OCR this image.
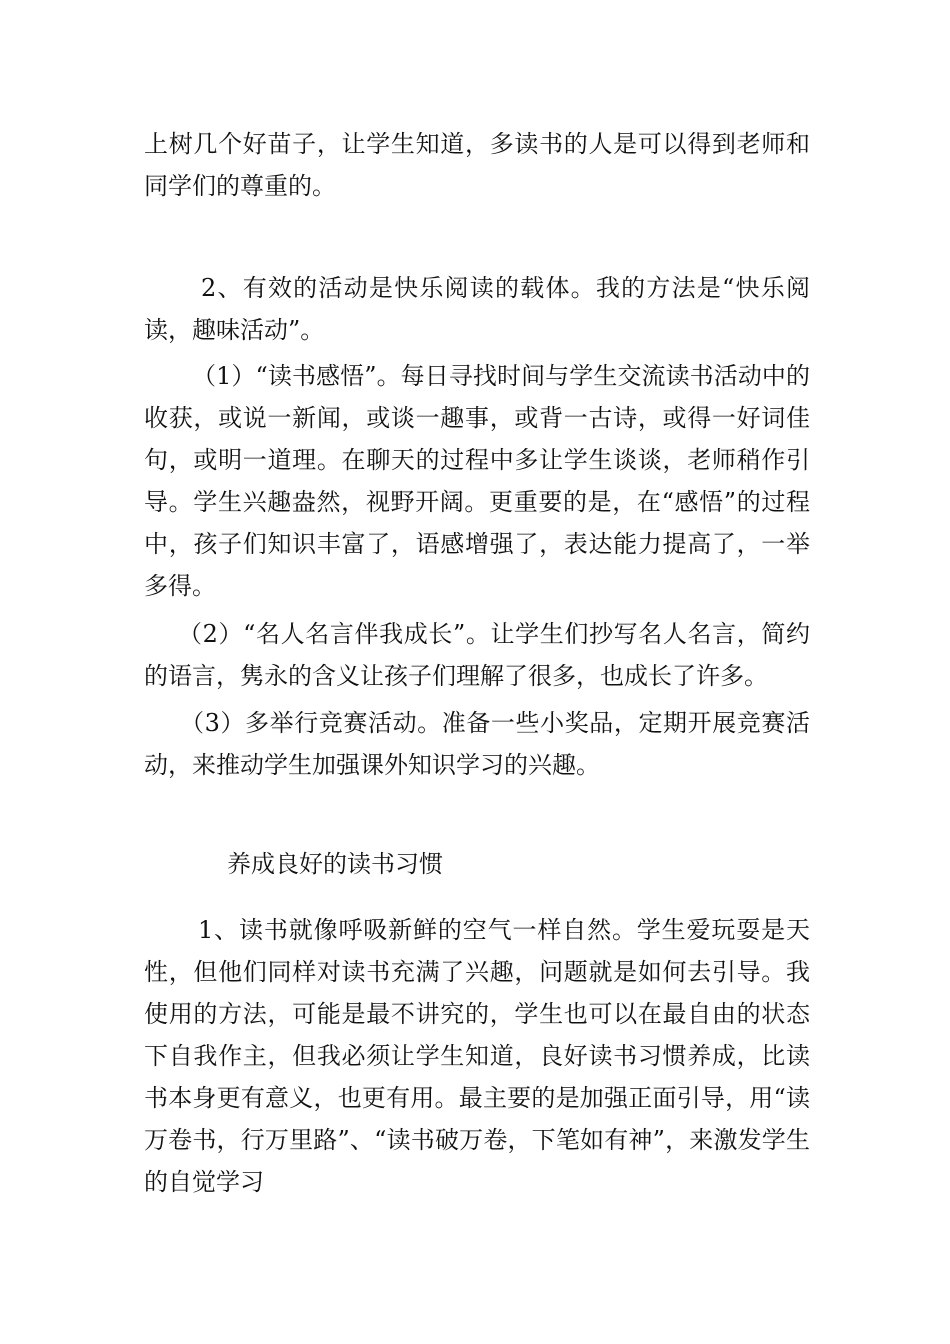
上树几个好苗子，让学生知道，多读书的人是可以得到老师和同学们的尊重的。

2、有效的活动是快乐阅读的载体。我的方法是“快乐阅读，趣味活动”。

（1）“读书感悟”。每日寻找时间与学生交流读书活动中的收获，或说一新闻，或谈一趣事，或背一古诗，或得一好词佳句，或明一道理。在聊天的过程中多让学生谈谈，老师稍作引导。学生兴趣盎然，视野开阔。更重要的是，在“感悟”的过程中，孩子们知识丰富了，语感增强了，表达能力提高了，一举多得。

（2）“名人名言伴我成长”。让学生们抄写名人名言，简约的语言，隽永的含义让孩子们理解了很多，也成长了许多。

（3）多举行竞赛活动。准备一些小奖品，定期开展竞赛活动，来推动学生加强课外知识学习的兴趣。

养成良好的读书习惯

1、读书就像呼吸新鲜的空气一样自然。学生爱玩耍是天性，但他们同样对读书充满了兴趣，问题就是如何去引导。我使用的方法，可能是最不讲究的，学生也可以在最自由的状态下自我作主，但我必须让学生知道，良好读书习惯养成，比读书本身更有意义，也更有用。最主要的是加强正面引导，用“读万卷书，行万里路”、“读书破万卷，下笔如有神”，来激发学生的自觉学习
